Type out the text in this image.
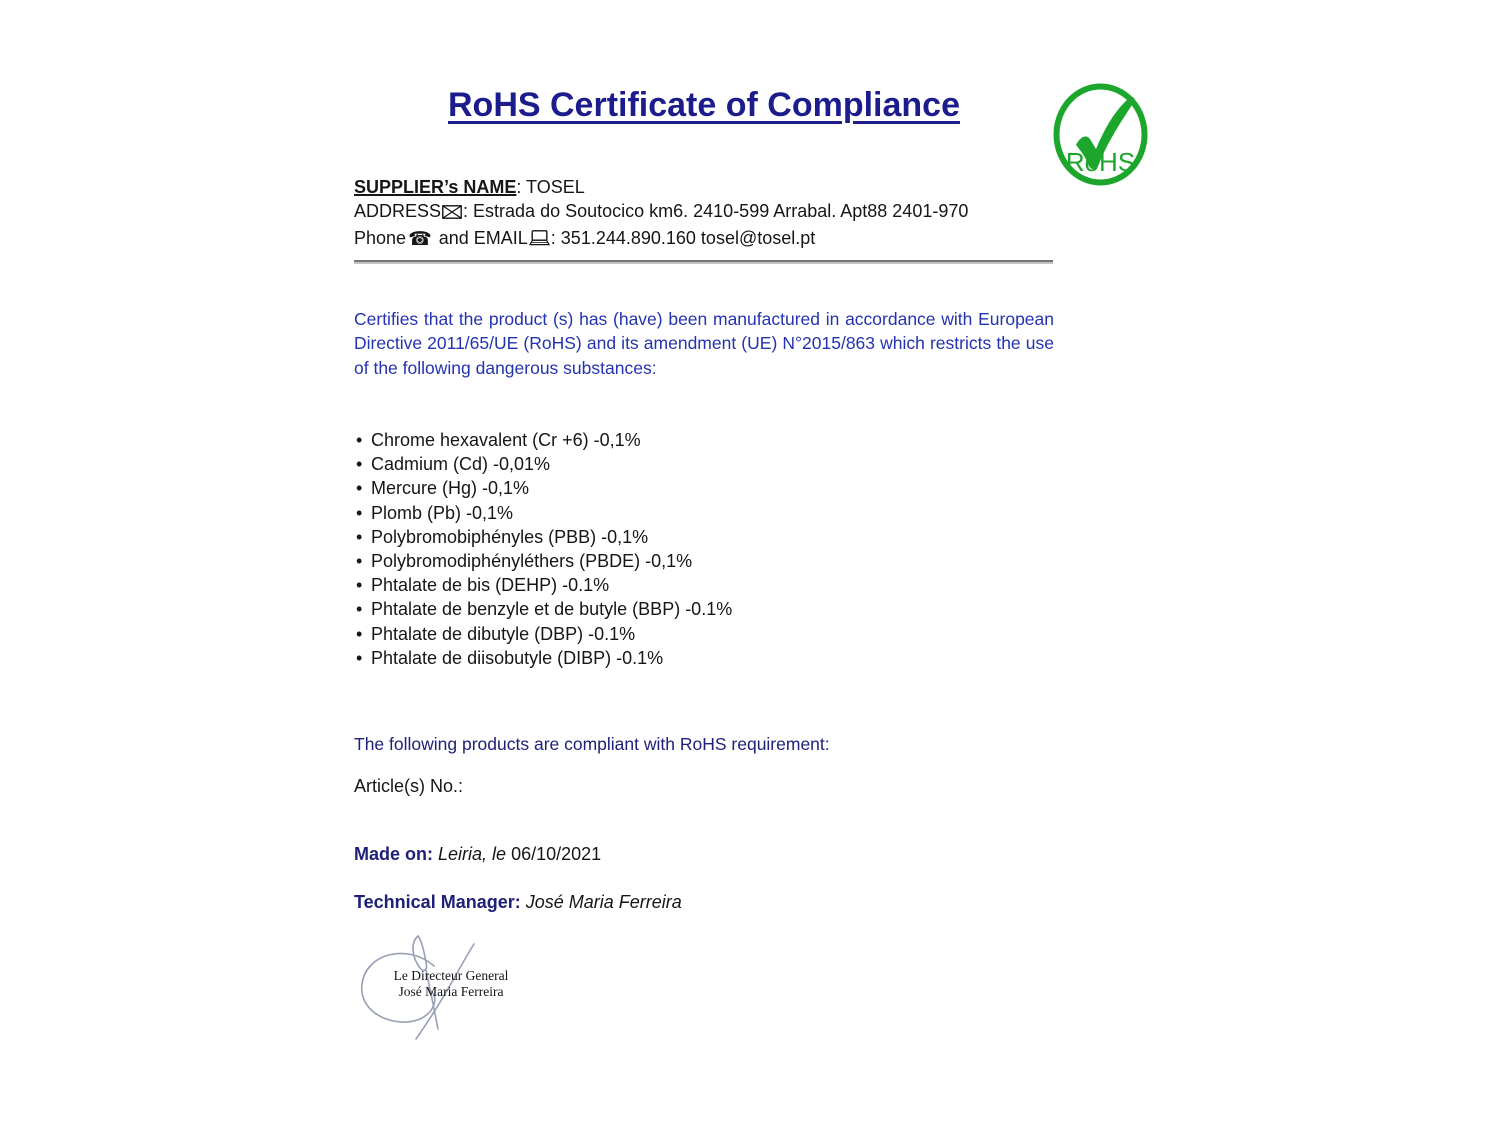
RoHS Certificate of Compliance
RoHS
SUPPLIER’s NAME: TOSEL
ADDRESS : Estrada do Soutocico km6. 2410-599 Arrabal. Apt88 2401-970
Phone ☎ and EMAIL : 351.244.890.160 tosel@tosel.pt
Certifies that the product (s) has (have) been manufactured in accordance with European Directive 2011/65/UE (RoHS) and its amendment (UE) N°2015/863 which restricts the use of the following dangerous substances:
• Chrome hexavalent (Cr +6) -0,1%
• Cadmium (Cd) -0,01%
• Mercure (Hg) -0,1%
• Plomb (Pb) -0,1%
• Polybromobiphényles (PBB) -0,1%
• Polybromodiphényléthers (PBDE) -0,1%
• Phtalate de bis (DEHP) -0.1%
• Phtalate de benzyle et de butyle (BBP) -0.1%
• Phtalate de dibutyle (DBP) -0.1%
• Phtalate de diisobutyle (DIBP) -0.1%
The following products are compliant with RoHS requirement:
Article(s) No.:
Made on: Leiria, le 06/10/2021
Technical Manager: José Maria Ferreira
Le Directeur General
José Maria Ferreira
